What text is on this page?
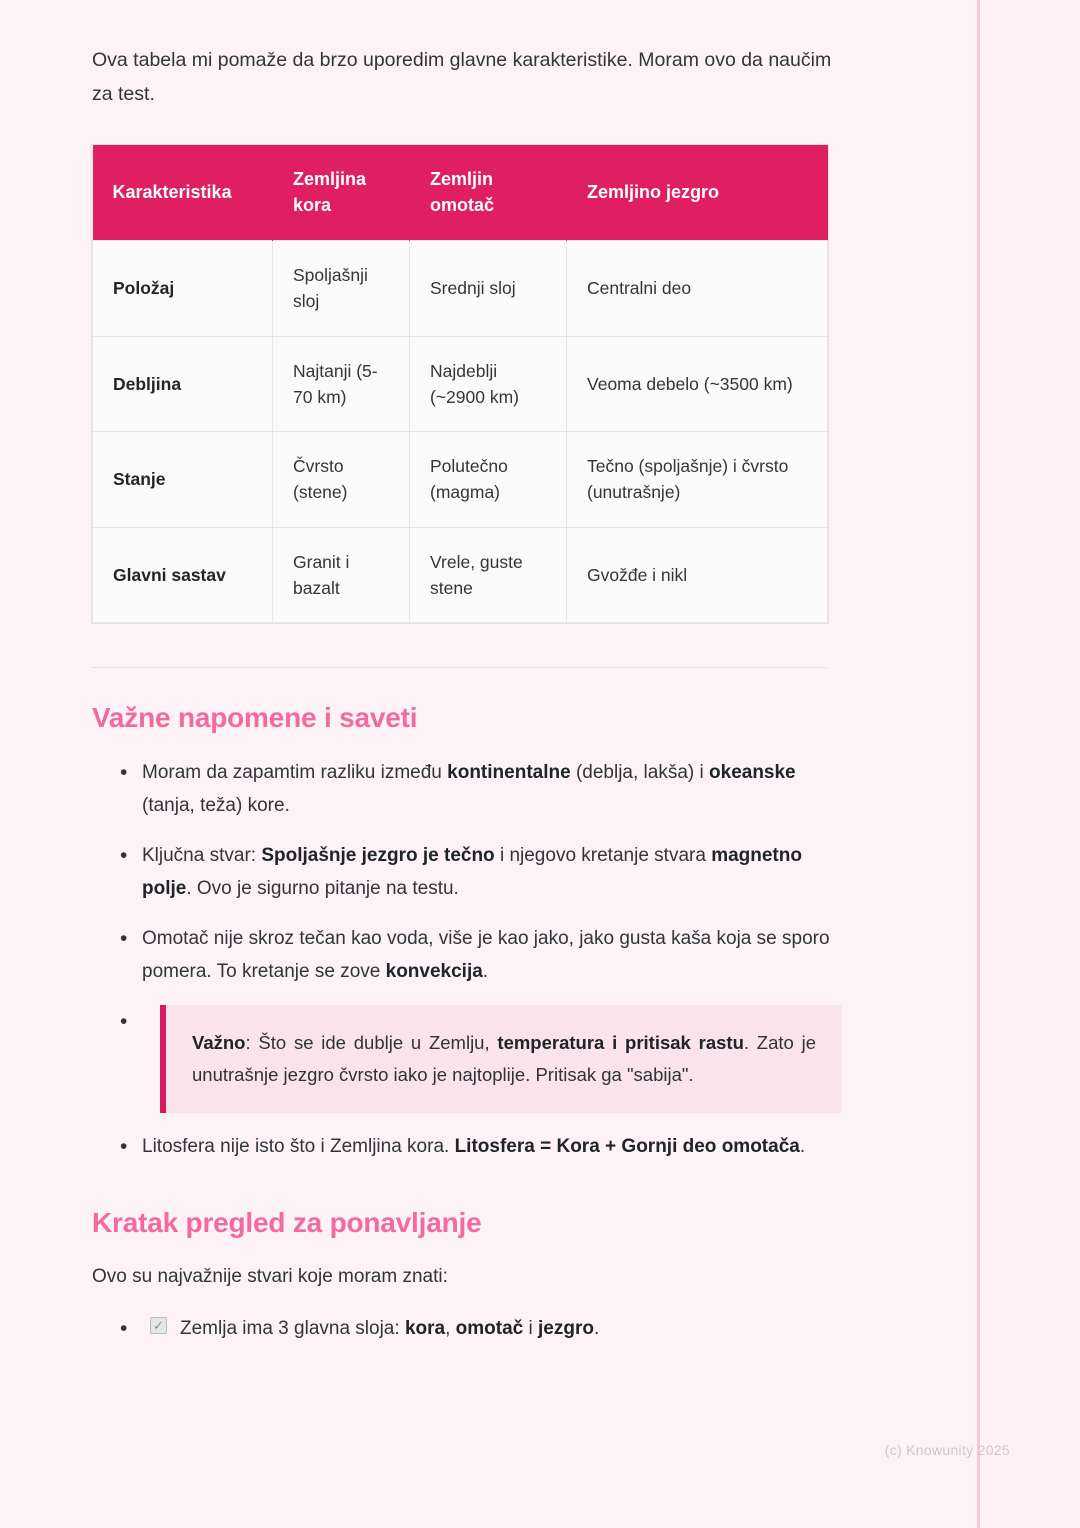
Ova tabela mi pomaže da brzo uporedim glavne karakteristike. Moram ovo da naučim za test.

Karakteristika	Zemljina kora	Zemljin omotač	Zemljino jezgro
Položaj	Spoljašnji sloj	Srednji sloj	Centralni deo
Debljina	Najtanji (5-70 km)	Najdeblji (~2900 km)	Veoma debelo (~3500 km)
Stanje	Čvrsto (stene)	Polutečno (magma)	Tečno (spoljašnje) i čvrsto (unutrašnje)
Glavni sastav	Granit i bazalt	Vrele, guste stene	Gvožđe i nikl
Važne napomene i saveti
• Moram da zapamtim razliku između kontinentalne (deblja, lakša) i okeanske (tanja, teža) kore.
• Ključna stvar: Spoljašnje jezgro je tečno i njegovo kretanje stvara magnetno polje. Ovo je sigurno pitanje na testu.
• Omotač nije skroz tečan kao voda, više je kao jako, jako gusta kaša koja se sporo pomera. To kretanje se zove konvekcija.
• Važno: Što se ide dublje u Zemlju, temperatura i pritisak rastu. Zato je unutrašnje jezgro čvrsto iako je najtoplije. Pritisak ga "sabija".
• Litosfera nije isto što i Zemljina kora. Litosfera = Kora + Gornji deo omotača.
Kratak pregled za ponavljanje

Ovo su najvažnije stvari koje moram znati:

• ✓ Zemlja ima 3 glavna sloja: kora, omotač i jezgro.
(c) Knowunity 2025
